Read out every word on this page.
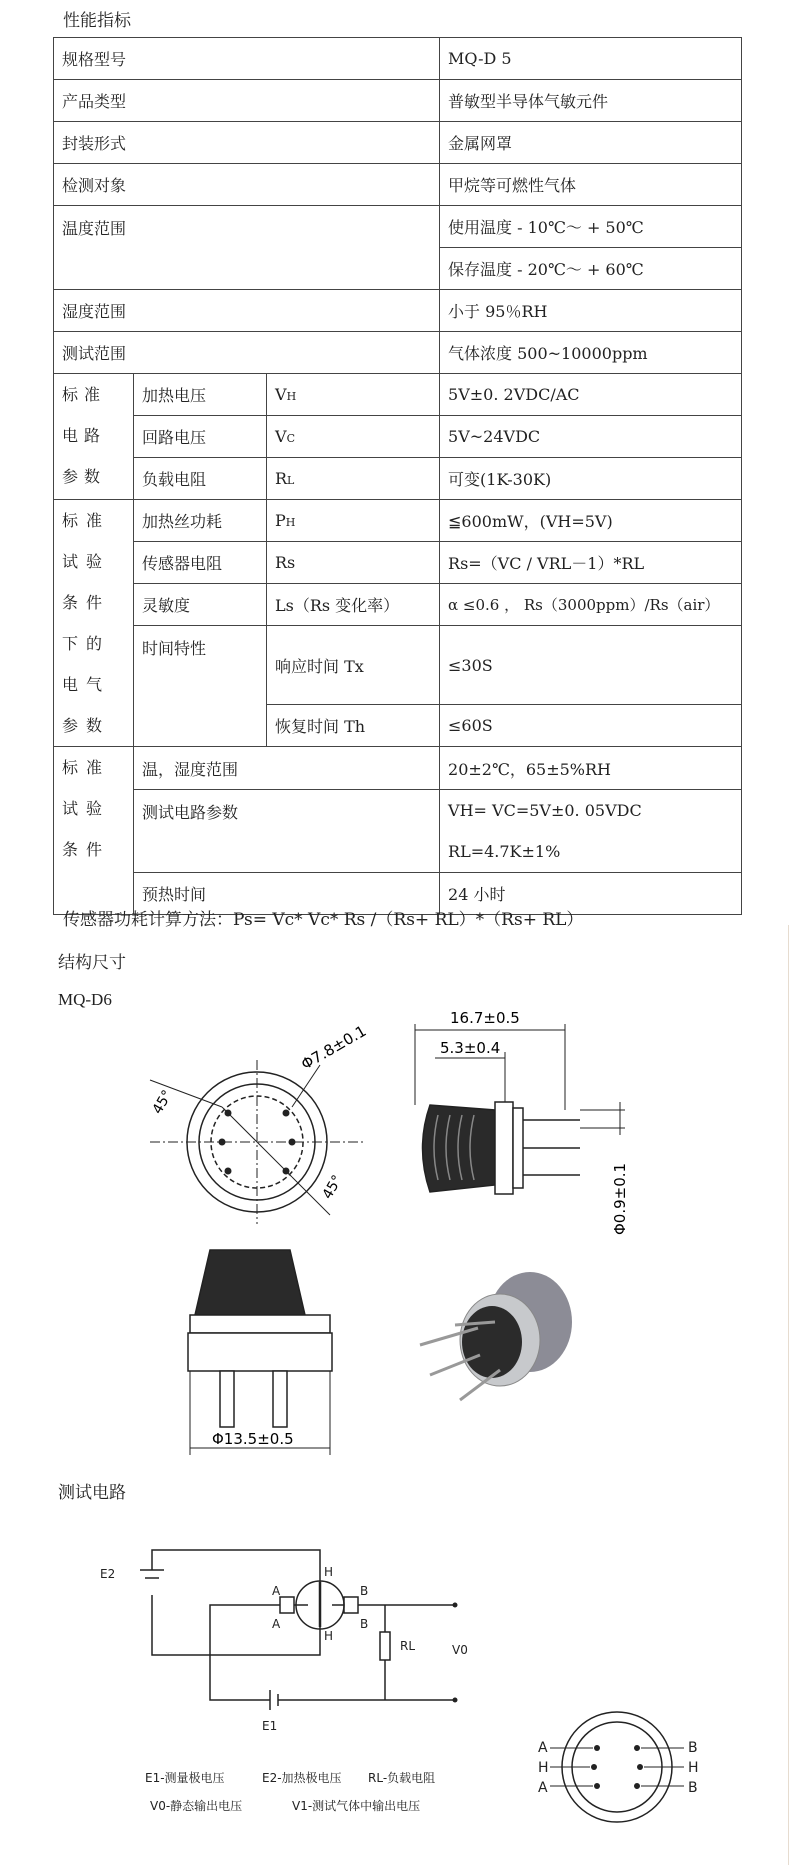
性能指标
规格型号			MQ-D 5
产品类型			普敏型半导体气敏元件
封装形式			金属网罩
检测对象			甲烷等可燃性气体
温度范围			使用温度 - 10℃～ + 50℃
			保存温度 - 20℃～ + 60℃
湿度范围			小于 95％RH
测试范围			气体浓度 500~10000ppm

标准电路参数	加热电压	VH	5V±0. 2VDC/AC
	回路电压	VC	5V~24VDC
	负载电阻	RL	可变(1K-30K)

标准试验条件下的电气参数	加热丝功耗	PH	≦600mW，(VH=5V)
	传感器电阻	Rs	Rs=（VC / VRL－1）*RL
	灵敏度	Ls（Rs 变化率）	α ≤0.6 ， Rs（3000ppm）/Rs（air）
	时间特性	响应时间 Tx	≤30S
		恢复时间 Th	≤60S

标准试验条件	温，湿度范围		20±2℃，65±5%RH
	测试电路参数		VH= VC=5V±0. 05VDC
			RL=4.7K±1%
	预热时间		24 小时
传感器功耗计算方法：Ps= Vc* Vc* Rs /（Rs+ RL）*（Rs+ RL）
结构尺寸
MQ-D6
Φ7.8±0.1
45°
45°
16.7±0.5
5.3±0.4
Φ0.9±0.1
Φ13.5±0.5
测试电路
E2
E1
A
A
B
B
H
H
RL	V0
E1-测量极电压	E2-加热极电压 RL-负载电阻
V0-静态输出电压	V1-测试气体中输出电压
A
H
A
B
H
B
